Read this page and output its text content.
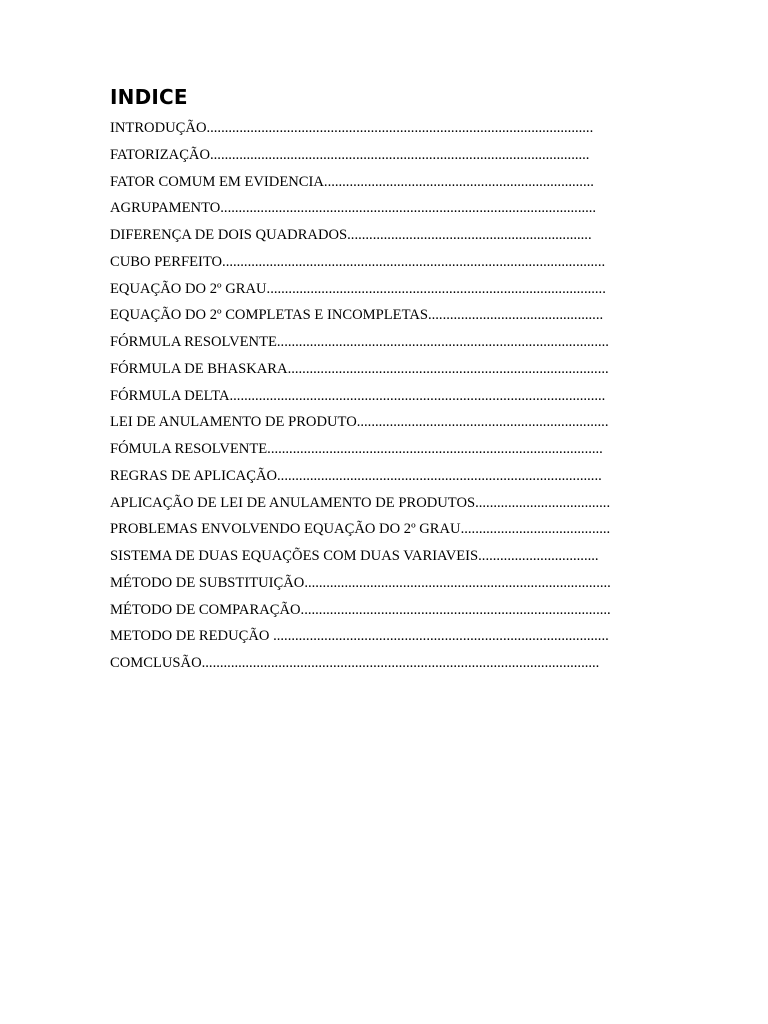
INDICE
INTRODUÇÃO..........................................................................................................
FATORIZAÇÃO........................................................................................................
FATOR COMUM EM EVIDENCIA..........................................................................
AGRUPAMENTO.......................................................................................................
DIFERENÇA DE DOIS QUADRADOS...................................................................
CUBO PERFEITO.........................................................................................................
EQUAÇÃO DO 2º GRAU.............................................................................................
EQUAÇÃO DO 2º COMPLETAS E INCOMPLETAS................................................
FÓRMULA RESOLVENTE...........................................................................................
FÓRMULA DE BHASKARA........................................................................................
FÓRMULA DELTA.......................................................................................................
LEI DE ANULAMENTO DE PRODUTO.....................................................................
FÓMULA RESOLVENTE............................................................................................
REGRAS DE APLICAÇÃO.........................................................................................
APLICAÇÃO DE LEI DE ANULAMENTO DE PRODUTOS.....................................
PROBLEMAS ENVOLVENDO EQUAÇÃO DO 2º GRAU.........................................
SISTEMA DE DUAS EQUAÇÕES COM DUAS VARIAVEIS.................................
MÉTODO DE SUBSTITUIÇÃO....................................................................................
MÉTODO DE COMPARAÇÃO.....................................................................................
METODO DE REDUÇÃO ............................................................................................
COMCLUSÃO.............................................................................................................
